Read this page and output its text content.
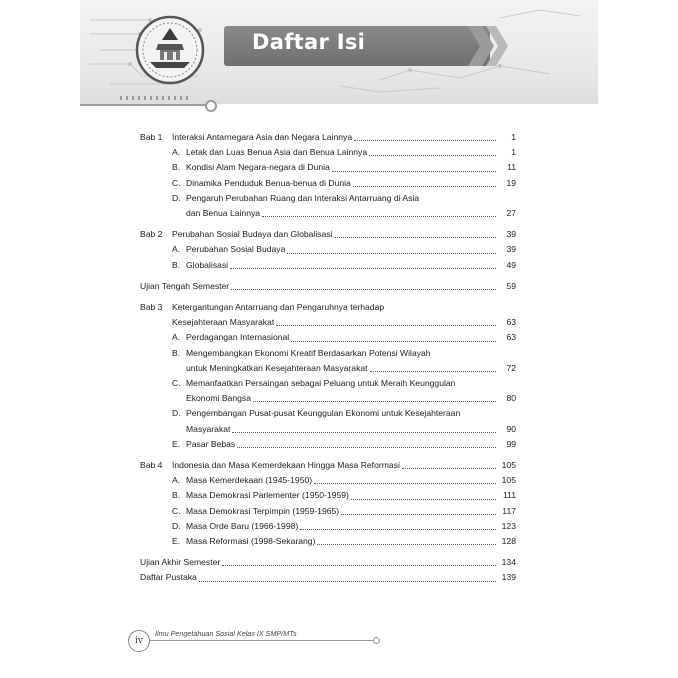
Daftar Isi
Bab 1	Interaksi Antarnegara Asia dan Negara Lainnya	1
A. Letak dan Luas Benua Asia dan Benua Lainnya	1
B. Kondisi Alam Negara-negara di Dunia	11
C. Dinamika Penduduk Benua-benua di Dunia	19
D. Pengaruh Perubahan Ruang dan Interaksi Antarruang di Asia
dan Benua Lainnya	27
Bab 2	Perubahan Sosial Budaya dan Globalisasi	39
A. Perubahan Sosial Budaya	39
B. Globalisasi	49
Ujian Tengah Semester	59
Bab 3	Ketergantungan Antarruang dan Pengaruhnya terhadap
Kesejahteraan Masyarakat	63
A. Perdagangan Internasional	63
B. Mengembangkan Ekonomi Kreatif Berdasarkan Potensi Wilayah
untuk Meningkatkan Kesejahteraan Masyarakat	72
C. Memanfaatkan Persaingan sebagai Peluang untuk Meraih Keunggulan
Ekonomi Bangsa	80
D. Pengembangan Pusat-pusat Keunggulan Ekonomi untuk Kesejahteraan
Masyarakat	90
E. Pasar Bebas	99
Bab 4	Indonesia dan Masa Kemerdekaan Hingga Masa Reformasi	105
A. Masa Kemerdekaan (1945-1950)	105
B. Masa Demokrasi Parlementer (1950-1959)	111
C. Masa Demokrasi Terpimpin (1959-1965)	117
D. Masa Orde Baru (1966-1998)	123
E. Masa Reformasi (1998-Sekarang)	128
Ujian Akhir Semester	134
Daftar Pustaka	139
iv
Ilmu Pengetahuan Sosial Kelas IX SMP/MTs
